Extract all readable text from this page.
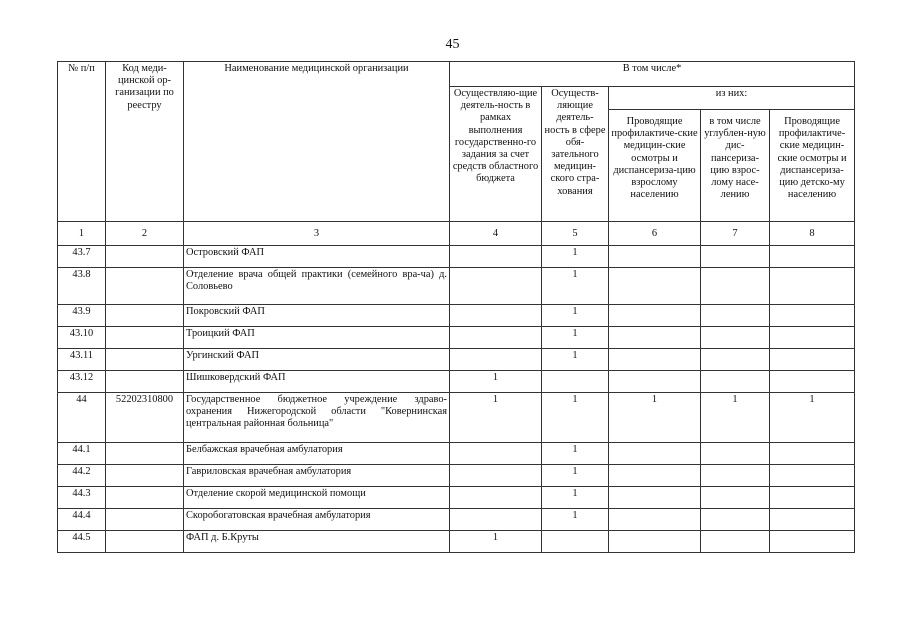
45
№ п/п	Код меди-цинской ор-ганизации по реестру	Наименование медицинской организации	В том числе*				
			Осуществляю-щие деятель-ность в рамках выполнения государственно-го задания за счет средств областного бюджета	Осуществ-ляющие деятель-ность в сфере обя-зательного медицин-ского стра-хования	из них:		
					Проводящие профилактиче-ские медицин-ские осмотры и диспансериза-цию взрослому населению	в том числе углублен-ную дис-пансериза-цию взрос-лому насе-лению	Проводящие профилактиче-ские медицин-ские осмотры и диспансериза-цию детско-му населению
1	2	3	4	5	6	7	8
43.7		Островский ФАП		1			
43.8		Отделение врача общей практики (семейного вра-ча) д. Соловьево		1			
43.9		Покровский ФАП		1			
43.10		Троицкий ФАП		1			
43.11		Ургинский ФАП		1			
43.12		Шишковердский ФАП	1				
44	52202310800	Государственное бюджетное учреждение здраво-охранения Нижегородской области "Ковернинская центральная районная больница"	1	1	1	1	1
44.1		Белбажская врачебная амбулатория		1			
44.2		Гавриловская врачебная амбулатория		1			
44.3		Отделение скорой медицинской помощи		1			
44.4		Скоробогатовская врачебная амбулатория		1			
44.5		ФАП д. Б.Круты	1				
